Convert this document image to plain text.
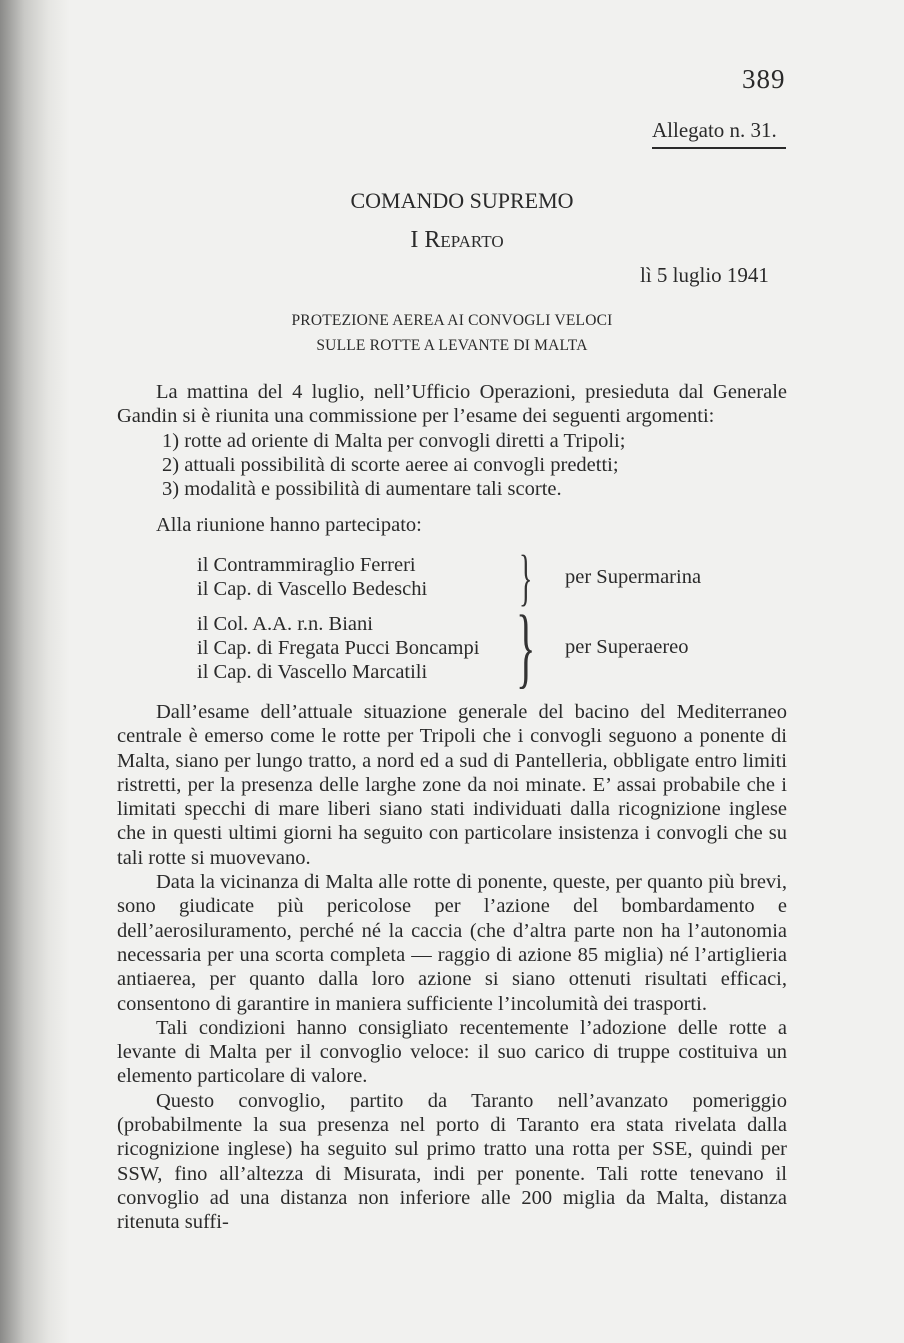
389
Allegato n. 31.
COMANDO SUPREMO
I Reparto
lì 5 luglio 1941
PROTEZIONE AEREA AI CONVOGLI VELOCI
SULLE ROTTE A LEVANTE DI MALTA

La mattina del 4 luglio, nell’Ufficio Operazioni, presieduta dal Generale Gandin si è riunita una commissione per l’esame dei seguenti argomenti:

1) rotte ad oriente di Malta per convogli diretti a Tripoli;

2) attuali possibilità di scorte aeree ai convogli predetti;

3) modalità e possibilità di aumentare tali scorte.

Alla riunione hanno partecipato:

il Contrammiraglio Ferreri
il Cap. di Vascello Bedeschi } per Supermarina
il Col. A.A. r.n. Biani
il Cap. di Fregata Pucci Boncampi
il Cap. di Vascello Marcatili } per Superaereo

Dall’esame dell’attuale situazione generale del bacino del Mediterraneo centrale è emerso come le rotte per Tripoli che i convogli seguono a ponente di Malta, siano per lungo tratto, a nord ed a sud di Pantelleria, obbligate entro limiti ristretti, per la presenza delle larghe zone da noi minate. E’ assai probabile che i limitati specchi di mare liberi siano stati individuati dalla ricognizione inglese che in questi ultimi giorni ha seguito con particolare insistenza i convogli che su tali rotte si muovevano.

Data la vicinanza di Malta alle rotte di ponente, queste, per quanto più brevi, sono giudicate più pericolose per l’azione del bombardamento e dell’aerosiluramento, perché né la caccia (che d’altra parte non ha l’autonomia necessaria per una scorta completa — raggio di azione 85 miglia) né l’artiglieria antiaerea, per quanto dalla loro azione si siano ottenuti risultati efficaci, consentono di garantire in maniera sufficiente l’incolumità dei trasporti.

Tali condizioni hanno consigliato recentemente l’adozione delle rotte a levante di Malta per il convoglio veloce: il suo carico di truppe costituiva un elemento particolare di valore.

Questo convoglio, partito da Taranto nell’avanzato pomeriggio (probabilmente la sua presenza nel porto di Taranto era stata rivelata dalla ricognizione inglese) ha seguito sul primo tratto una rotta per SSE, quindi per SSW, fino all’altezza di Misurata, indi per ponente. Tali rotte tenevano il convoglio ad una distanza non inferiore alle 200 miglia da Malta, distanza ritenuta suffi-
